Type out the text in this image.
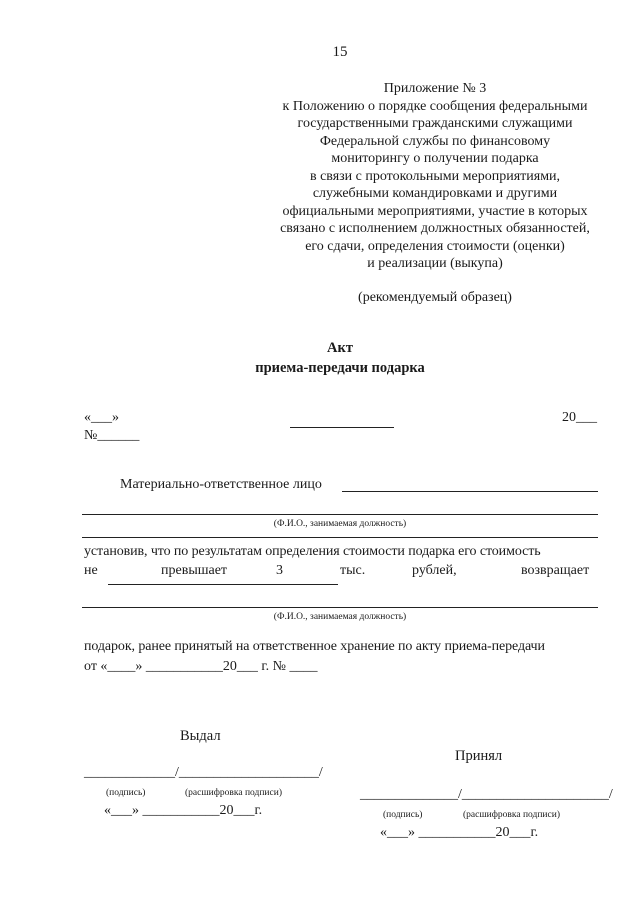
15
Приложение № 3
к Положению о порядке сообщения федеральными
государственными гражданскими служащими
Федеральной службы по финансовому
мониторингу о получении подарка
в связи с протокольными мероприятиями,
служебными командировками и другими
официальными мероприятиями, участие в которых
связано с исполнением должностных обязанностей,
его сдачи, определения стоимости (оценки)
и реализации (выкупа)
(рекомендуемый образец)
Акт
приема-передачи подарка
«___»	20___
№______
Материально-ответственное лицо
(Ф.И.О., занимаемая должность)
установив, что по результатам определения стоимости подарка его стоимость
не	превышает	3	тыс.	рублей,	возвращает
(Ф.И.О., занимаемая должность)
подарок, ранее принятый на ответственное хранение по акту приема-передачи
от «____» ___________20___ г. № ____
Выдал
_____________/____________________/
(подпись)	(расшифровка подписи)
«___» ___________20___г.
Принял
______________/_____________________/
(подпись)	(расшифровка подписи)
«___» ___________20___г.
